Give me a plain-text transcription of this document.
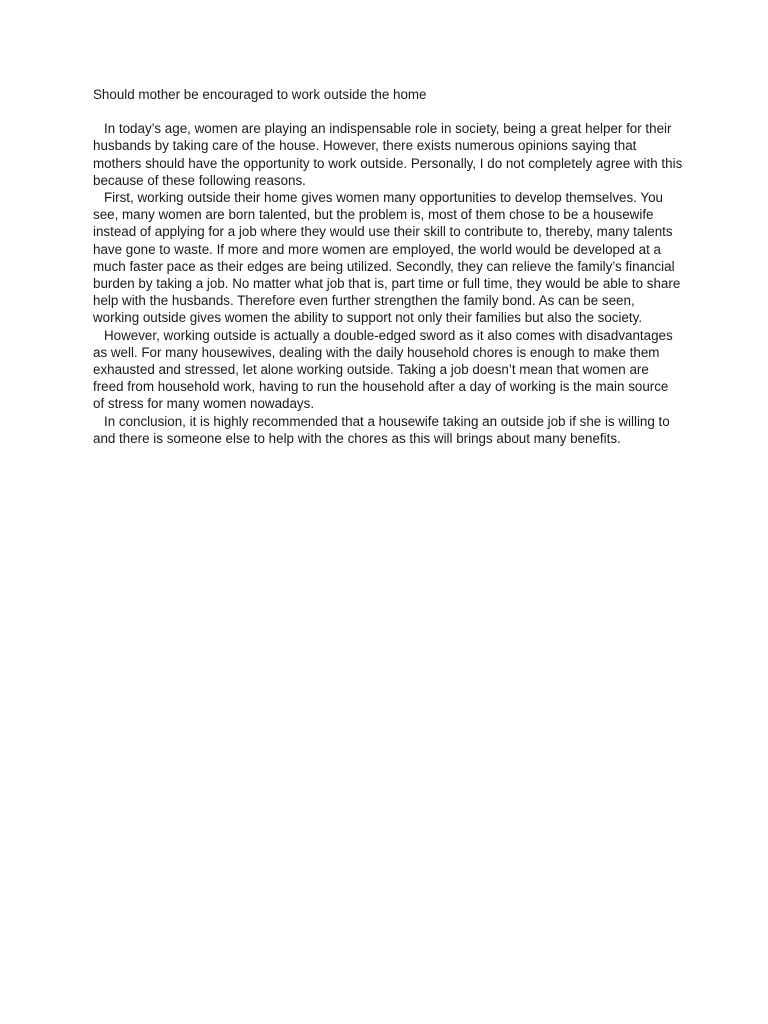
Should mother be encouraged to work outside the home

In today’s age, women are playing an indispensable role in society, being a great helper for their husbands by taking care of the house. However, there exists numerous opinions saying that mothers should have the opportunity to work outside. Personally, I do not completely agree with this because of these following reasons.

First, working outside their home gives women many opportunities to develop themselves. You see, many women are born talented, but the problem is, most of them chose to be a housewife instead of applying for a job where they would use their skill to contribute to, thereby, many talents have gone to waste. If more and more women are employed, the world would be developed at a much faster pace as their edges are being utilized. Secondly, they can relieve the family’s financial burden by taking a job. No matter what job that is, part time or full time, they would be able to share help with the husbands. Therefore even further strengthen the family bond. As can be seen, working outside gives women the ability to support not only their families but also the society.

However, working outside is actually a double-edged sword as it also comes with disadvantages as well. For many housewives, dealing with the daily household chores is enough to make them exhausted and stressed, let alone working outside. Taking a job doesn’t mean that women are freed from household work, having to run the household after a day of working is the main source of stress for many women nowadays.

In conclusion, it is highly recommended that a housewife taking an outside job if she is willing to and there is someone else to help with the chores as this will brings about many benefits.
